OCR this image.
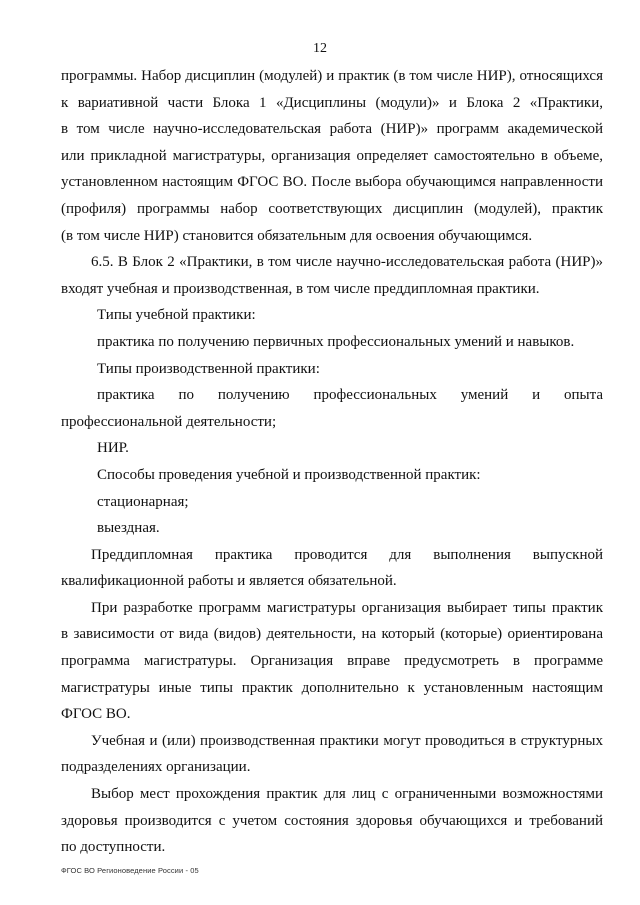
12
программы. Набор дисциплин (модулей) и практик (в том числе НИР), относящихся
к вариативной части Блока 1 «Дисциплины (модули)» и Блока 2 «Практики,
в том числе научно-исследовательская работа (НИР)» программ академической
или прикладной магистратуры, организация определяет самостоятельно в объеме,
установленном настоящим ФГОС ВО. После выбора обучающимся направленности
(профиля) программы набор соответствующих дисциплин (модулей), практик
(в том числе НИР) становится обязательным для освоения обучающимся.
6.5. В Блок 2 «Практики, в том числе научно-исследовательская работа (НИР)»
входят учебная и производственная, в том числе преддипломная практики.
Типы учебной практики:
практика по получению первичных профессиональных умений и навыков.
Типы производственной практики:
практика по получению профессиональных умений и опыта
профессиональной деятельности;
НИР.
Способы проведения учебной и производственной практик:
стационарная;
выездная.
Преддипломная практика проводится для выполнения выпускной
квалификационной работы и является обязательной.
При разработке программ магистратуры организация выбирает типы практик
в зависимости от вида (видов) деятельности, на который (которые) ориентирована
программа магистратуры. Организация вправе предусмотреть в программе
магистратуры иные типы практик дополнительно к установленным настоящим
ФГОС ВО.
Учебная и (или) производственная практики могут проводиться в структурных
подразделениях организации.
Выбор мест прохождения практик для лиц с ограниченными возможностями
здоровья производится с учетом состояния здоровья обучающихся и требований
по доступности.
ФГОС ВО Регионоведение России - 05
